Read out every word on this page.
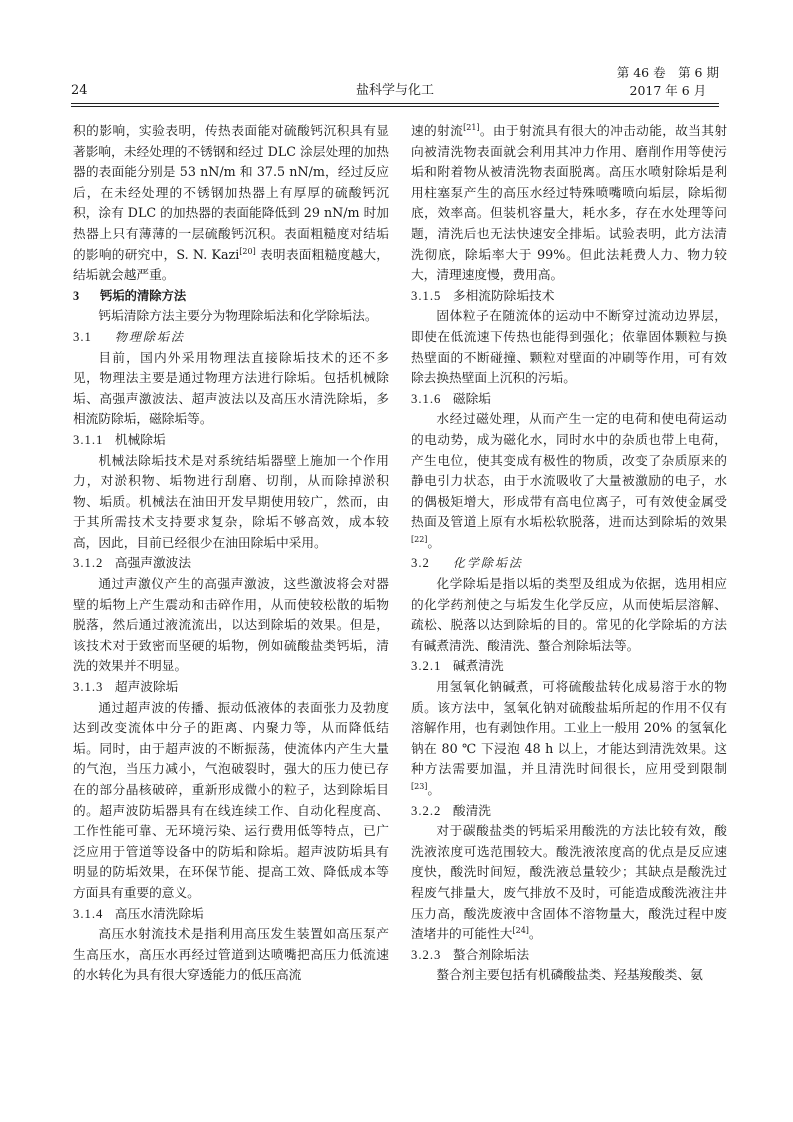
24	盐科学与化工
第 46 卷　第 6 期
2017 年 6 月

积的影响，实验表明，传热表面能对硫酸钙沉积具有显著影响，未经处理的不锈钢和经过 DLC 涂层处理的加热器的表面能分别是 53 nN/m 和 37.5 nN/m，经过反应后，在未经处理的不锈钢加热器上有厚厚的硫酸钙沉积，涂有 DLC 的加热器的表面能降低到 29 nN/m 时加热器上只有薄薄的一层硫酸钙沉积。表面粗糙度对结垢的影响的研究中，S. N. Kazi[20] 表明表面粗糙度越大，结垢就会越严重。

3 钙垢的清除方法

钙垢清除方法主要分为物理除垢法和化学除垢法。

3.1 物理除垢法

目前，国内外采用物理法直接除垢技术的还不多见，物理法主要是通过物理方法进行除垢。包括机械除垢、高强声激波法、超声波法以及高压水清洗除垢，多相流防除垢，磁除垢等。

3.1.1 机械除垢

机械法除垢技术是对系统结垢器壁上施加一个作用力，对淤积物、垢物进行刮磨、切削，从而除掉淤积物、垢质。机械法在油田开发早期使用较广，然而，由于其所需技术支持要求复杂，除垢不够高效，成本较高，因此，目前已经很少在油田除垢中采用。

3.1.2 高强声激波法

通过声激仪产生的高强声激波，这些激波将会对器壁的垢物上产生震动和击碎作用，从而使较松散的垢物脱落，然后通过液流流出，以达到除垢的效果。但是，该技术对于致密而坚硬的垢物，例如硫酸盐类钙垢，清洗的效果并不明显。

3.1.3 超声波除垢

通过超声波的传播、振动低液体的表面张力及勃度达到改变流体中分子的距离、内聚力等，从而降低结垢。同时，由于超声波的不断振荡，使流体内产生大量的气泡，当压力减小，气泡破裂时，强大的压力使已存在的部分晶核破碎，重新形成微小的粒子，达到除垢目的。超声波防垢器具有在线连续工作、自动化程度高、工作性能可靠、无环境污染、运行费用低等特点，已广泛应用于管道等设备中的防垢和除垢。超声波防垢具有明显的防垢效果，在环保节能、提高工效、降低成本等方面具有重要的意义。

3.1.4 高压水清洗除垢

高压水射流技术是指利用高压发生装置如高压泵产生高压水，高压水再经过管道到达喷嘴把高压力低流速的水转化为具有很大穿透能力的低压高流

速的射流[21]。由于射流具有很大的冲击动能，故当其射向被清洗物表面就会利用其冲力作用、磨削作用等使污垢和附着物从被清洗物表面脱离。高压水喷射除垢是利用柱塞泵产生的高压水经过特殊喷嘴喷向垢层，除垢彻底，效率高。但装机容量大，耗水多，存在水处理等问题，清洗后也无法快速安全排垢。试验表明，此方法清洗彻底，除垢率大于 99%。但此法耗费人力、物力较大，清理速度慢，费用高。

3.1.5 多相流防除垢技术

固体粒子在随流体的运动中不断穿过流动边界层，即使在低流速下传热也能得到强化；依靠固体颗粒与换热壁面的不断碰撞、颗粒对壁面的冲刷等作用，可有效除去换热壁面上沉积的污垢。

3.1.6 磁除垢

水经过磁处理，从而产生一定的电荷和使电荷运动的电动势，成为磁化水，同时水中的杂质也带上电荷，产生电位，使其变成有极性的物质，改变了杂质原来的静电引力状态，由于水流吸收了大量被激励的电子，水的偶极矩增大，形成带有高电位离子，可有效使金属受热面及管道上原有水垢松软脱落，进而达到除垢的效果[22]。

3.2 化学除垢法

化学除垢是指以垢的类型及组成为依据，选用相应的化学药剂使之与垢发生化学反应，从而使垢层溶解、疏松、脱落以达到除垢的目的。常见的化学除垢的方法有碱煮清洗、酸清洗、螯合剂除垢法等。

3.2.1 碱煮清洗

用氢氧化钠碱煮，可将硫酸盐转化成易溶于水的物质。该方法中，氢氧化钠对硫酸盐垢所起的作用不仅有溶解作用，也有剥蚀作用。工业上一般用 20% 的氢氧化钠在 80 ℃ 下浸泡 48 h 以上，才能达到清洗效果。这种方法需要加温，并且清洗时间很长，应用受到限制[23]。

3.2.2 酸清洗

对于碳酸盐类的钙垢采用酸洗的方法比较有效，酸洗液浓度可选范围较大。酸洗液浓度高的优点是反应速度快，酸洗时间短，酸洗液总量较少；其缺点是酸洗过程废气排量大，废气排放不及时，可能造成酸洗液注井压力高，酸洗废液中含固体不溶物量大，酸洗过程中废渣堵井的可能性大[24]。

3.2.3 螯合剂除垢法

螯合剂主要包括有机磷酸盐类、羟基羧酸类、氨
